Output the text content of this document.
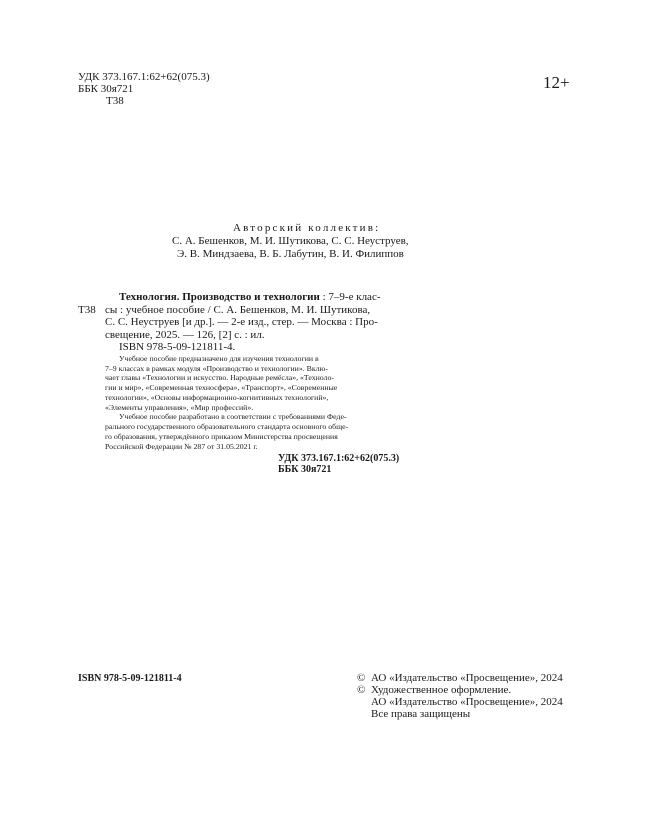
УДК 373.167.1:62+62(075.3)
ББК 30я721
Т38
12+
Авторский коллектив:
С. А. Бешенков, М. И. Шутикова, С. С. Неуструев,
Э. В. Миндзаева, В. Б. Лабутин, В. И. Филиппов
Технология. Производство и технологии : 7–9-е клас-
Т38 сы : учебное пособие / С. А. Бешенков, М. И. Шутикова,
С. С. Неуструев [и др.]. — 2-е изд., стер. — Москва : Про-
свещение, 2025. — 126, [2] с. : ил.
ISBN 978-5-09-121811-4.
Учебное пособие предназначено для изучения технологии в
7–9 классах в рамках модуля «Производство и технологии». Вклю-
чает главы «Технологии и искусство. Народные ремёсла», «Техноло-
гии и мир», «Современная техносфера», «Транспорт», «Современные
технологии», «Основы информационно-когнитивных технологий»,
«Элементы управления», «Мир профессий».
Учебное пособие разработано в соответствии с требованиями Феде-
рального государственного образовательного стандарта основного обще-
го образования, утверждённого приказом Министерства просвещения
Российской Федерации № 287 от 31.05.2021 г.
УДК 373.167.1:62+62(075.3)
ББК 30я721
ISBN 978-5-09-121811-4	© АО «Издательство «Просвещение», 2024
© Художественное оформление.
АО «Издательство «Просвещение», 2024
Все права защищены
